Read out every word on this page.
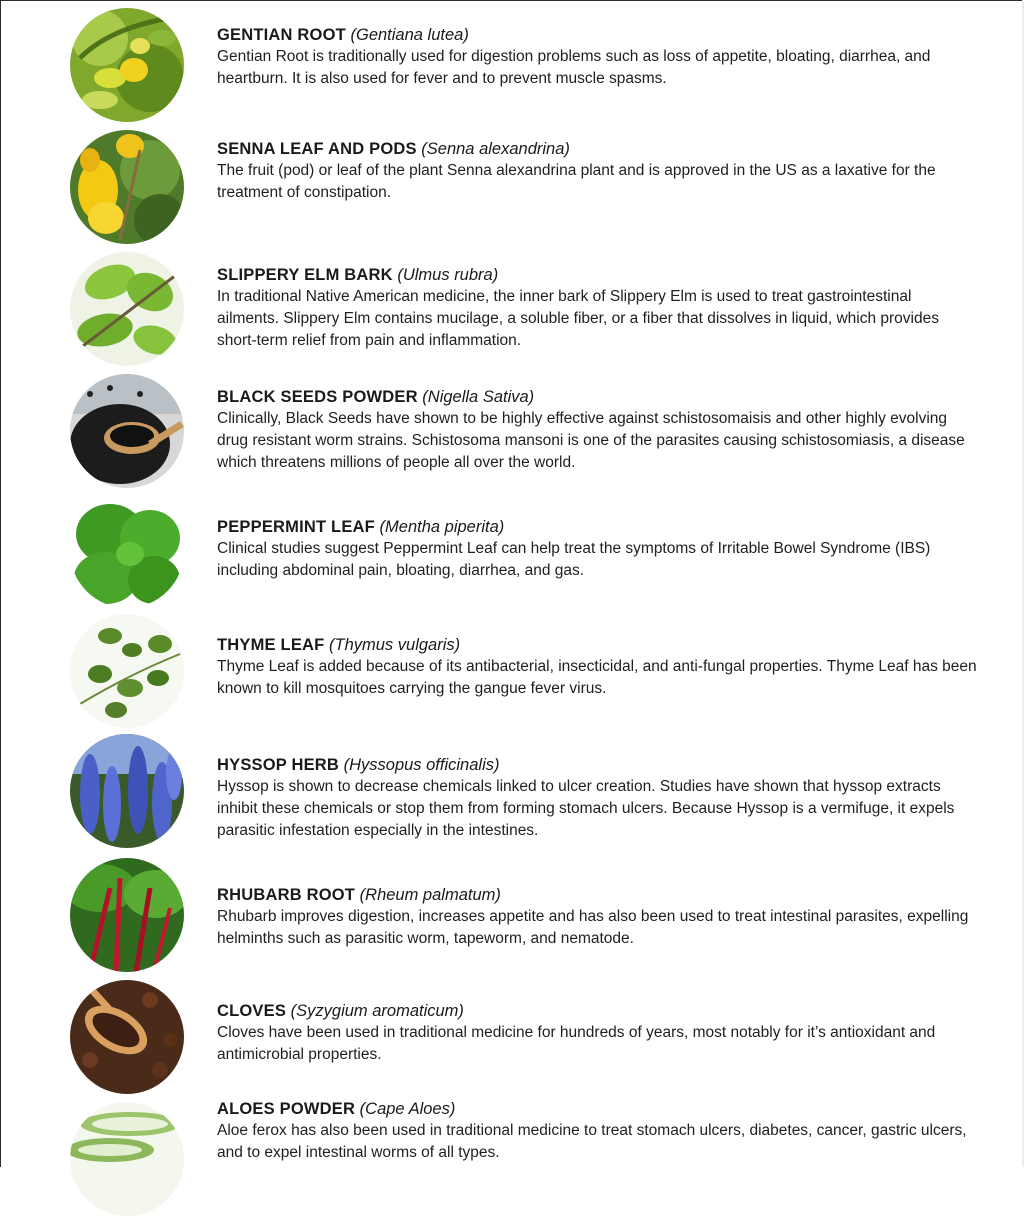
GENTIAN ROOT (Gentiana lutea)

Gentian Root is traditionally used for digestion problems such as loss of appetite, bloating, diarrhea, and heartburn. It is also used for fever and to prevent muscle spasms.

SENNA LEAF AND PODS (Senna alexandrina)

The fruit (pod) or leaf of the plant Senna alexandrina plant and is approved in the US as a laxative for the treatment of constipation.

SLIPPERY ELM BARK (Ulmus rubra)

In traditional Native American medicine, the inner bark of Slippery Elm is used to treat gastrointestinal ailments. Slippery Elm contains mucilage, a soluble fiber, or a fiber that dissolves in liquid, which provides short-term relief from pain and inflammation.

BLACK SEEDS POWDER (Nigella Sativa)

Clinically, Black Seeds have shown to be highly effective against schistosomaisis and other highly evolving drug resistant worm strains. Schistosoma mansoni is one of the parasites causing schistosomiasis, a disease which threatens millions of people all over the world.

PEPPERMINT LEAF (Mentha piperita)

Clinical studies suggest Peppermint Leaf can help treat the symptoms of Irritable Bowel Syndrome (IBS) including abdominal pain, bloating, diarrhea, and gas.

THYME LEAF (Thymus vulgaris)

Thyme Leaf is added because of its antibacterial, insecticidal, and anti-fungal properties. Thyme Leaf has been known to kill mosquitoes carrying the gangue fever virus.

HYSSOP HERB (Hyssopus officinalis)

Hyssop is shown to decrease chemicals linked to ulcer creation. Studies have shown that hyssop extracts inhibit these chemicals or stop them from forming stomach ulcers. Because Hyssop is a vermifuge, it expels parasitic infestation especially in the intestines.

RHUBARB ROOT (Rheum palmatum)

Rhubarb improves digestion, increases appetite and has also been used to treat intestinal parasites, expelling helminths such as parasitic worm, tapeworm, and nematode.

CLOVES (Syzygium aromaticum)

Cloves have been used in traditional medicine for hundreds of years, most notably for it’s antioxidant and antimicrobial properties.

ALOES POWDER (Cape Aloes)

Aloe ferox has also been used in traditional medicine to treat stomach ulcers, diabetes, cancer, gastric ulcers, and to expel intestinal worms of all types.
